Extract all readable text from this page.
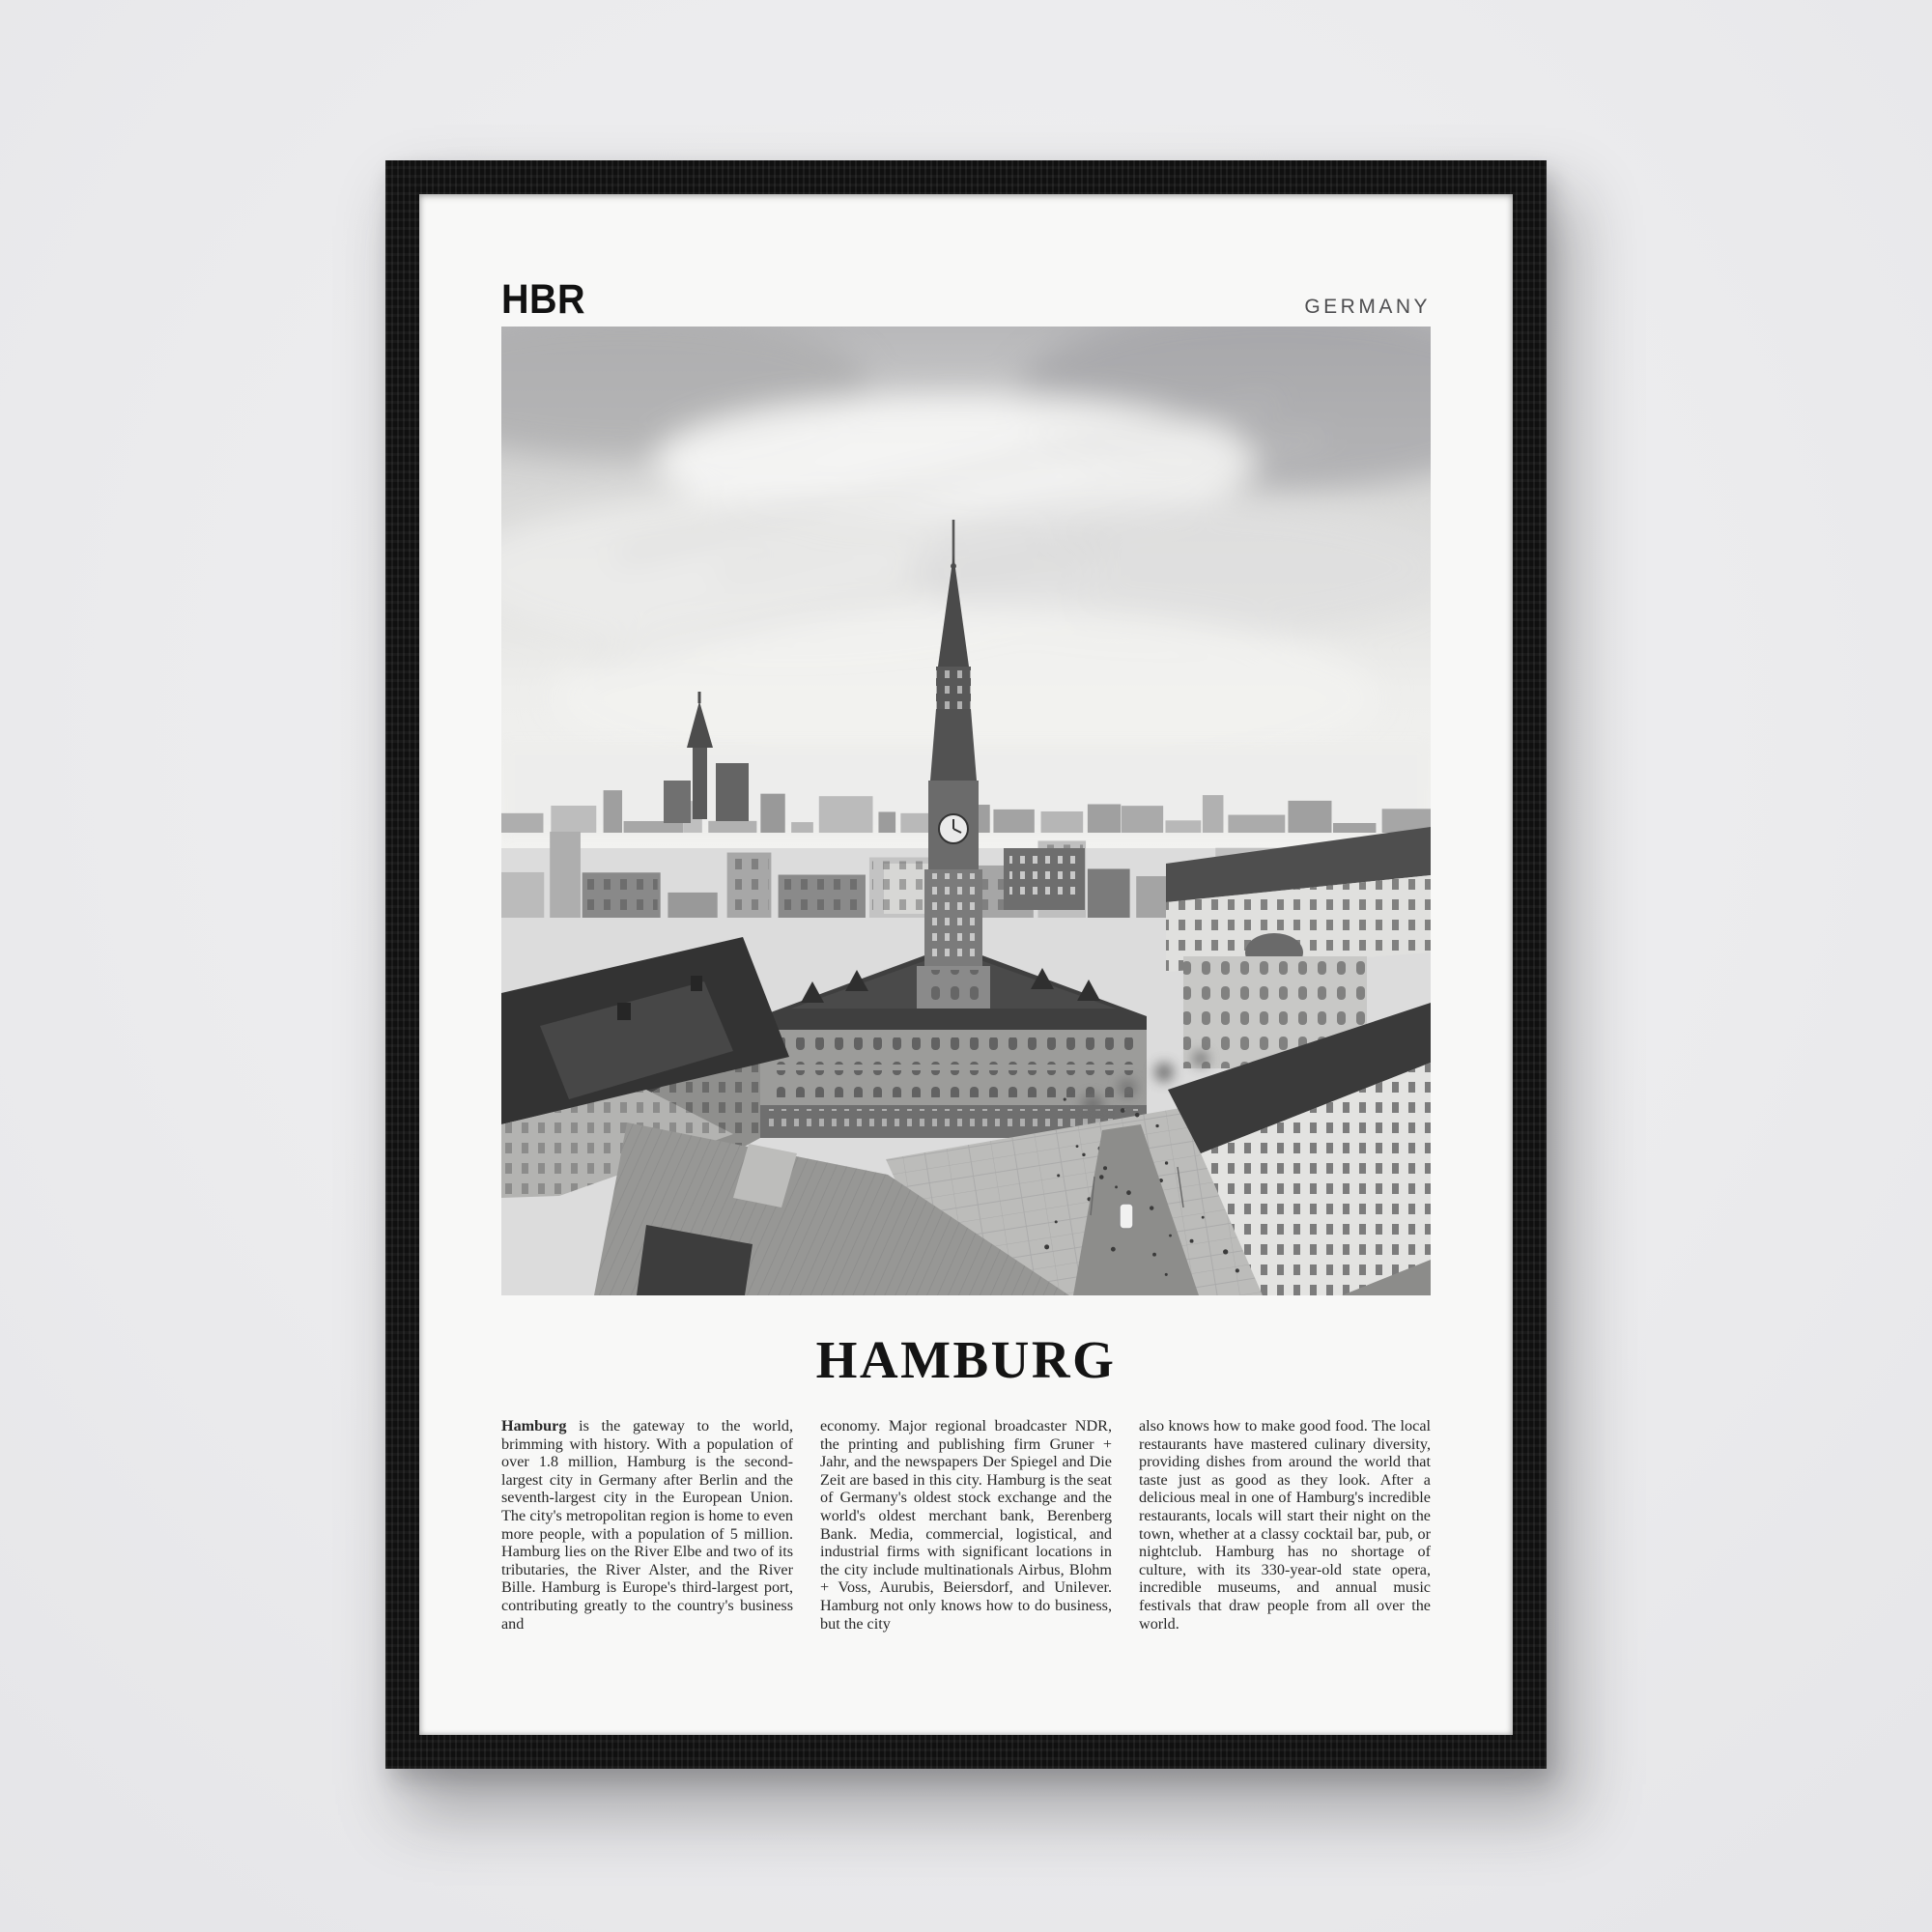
HBR	GERMANY
HAMBURG

Hamburg is the gateway to the world, brimming with history. With a population of over 1.8 million, Hamburg is the second-largest city in Germany after Berlin and the seventh-largest city in the European Union. The city's metropolitan region is home to even more people, with a population of 5 million. Hamburg lies on the River Elbe and two of its tributaries, the River Alster, and the River Bille. Hamburg is Europe's third-largest port, contributing greatly to the country's business and

economy. Major regional broadcaster NDR, the printing and publishing firm Gruner + Jahr, and the newspapers Der Spiegel and Die Zeit are based in this city. Hamburg is the seat of Germany's oldest stock exchange and the world's oldest merchant bank, Berenberg Bank. Media, commercial, logistical, and industrial firms with significant locations in the city include multinationals Airbus, Blohm + Voss, Aurubis, Beiersdorf, and Unilever. Hamburg not only knows how to do business, but the city

also knows how to make good food. The local restaurants have mastered culinary diversity, providing dishes from around the world that taste just as good as they look. After a delicious meal in one of Hamburg's incredible restaurants, locals will start their night on the town, whether at a classy cocktail bar, pub, or nightclub. Hamburg has no shortage of culture, with its 330-year-old state opera, incredible museums, and annual music festivals that draw people from all over the world.
